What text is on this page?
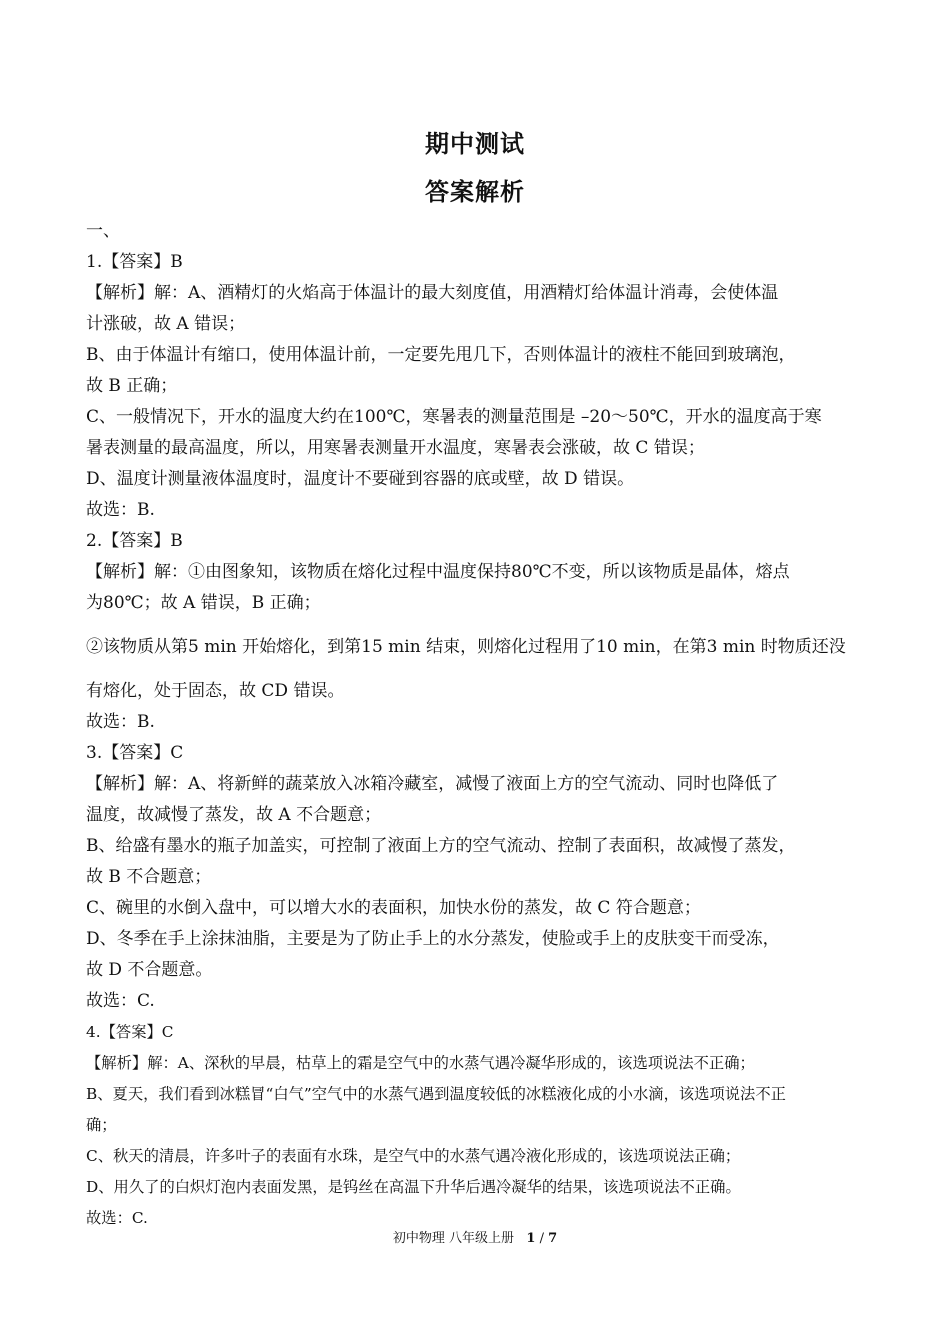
期中测试
答案解析

一、

1.【答案】B

【解析】解：A、酒精灯的火焰高于体温计的最大刻度值，用酒精灯给体温计消毒，会使体温

计涨破，故 A 错误；

B、由于体温计有缩口，使用体温计前，一定要先甩几下，否则体温计的液柱不能回到玻璃泡，

故 B 正确；

C、一般情况下，开水的温度大约在100℃，寒暑表的测量范围是 –20～50℃，开水的温度高于寒

暑表测量的最高温度，所以，用寒暑表测量开水温度，寒暑表会涨破，故 C 错误；

D、温度计测量液体温度时，温度计不要碰到容器的底或壁，故 D 错误。

故选：B.

2.【答案】B

【解析】解：①由图象知，该物质在熔化过程中温度保持80℃不变，所以该物质是晶体，熔点

为80℃；故 A 错误，B 正确；

②该物质从第5 min 开始熔化，到第15 min 结束，则熔化过程用了10 min，在第3 min 时物质还没

有熔化，处于固态，故 CD 错误。

故选：B.

3.【答案】C

【解析】解：A、将新鲜的蔬菜放入冰箱冷藏室，减慢了液面上方的空气流动、同时也降低了

温度，故减慢了蒸发，故 A 不合题意；

B、给盛有墨水的瓶子加盖实，可控制了液面上方的空气流动、控制了表面积，故减慢了蒸发，

故 B 不合题意；

C、碗里的水倒入盘中，可以增大水的表面积，加快水份的蒸发，故 C 符合题意；

D、冬季在手上涂抹油脂，主要是为了防止手上的水分蒸发，使脸或手上的皮肤变干而受冻，

故 D 不合题意。

故选：C.

4.【答案】C

【解析】解：A、深秋的早晨，枯草上的霜是空气中的水蒸气遇冷凝华形成的，该选项说法不正确；

B、夏天，我们看到冰糕冒“白气”空气中的水蒸气遇到温度较低的冰糕液化成的小水滴，该选项说法不正

确；

C、秋天的清晨，许多叶子的表面有水珠，是空气中的水蒸气遇冷液化形成的，该选项说法正确；

D、用久了的白炽灯泡内表面发黑，是钨丝在高温下升华后遇冷凝华的结果，该选项说法不正确。

故选：C.

初中物理 八年级上册 1 / 7
